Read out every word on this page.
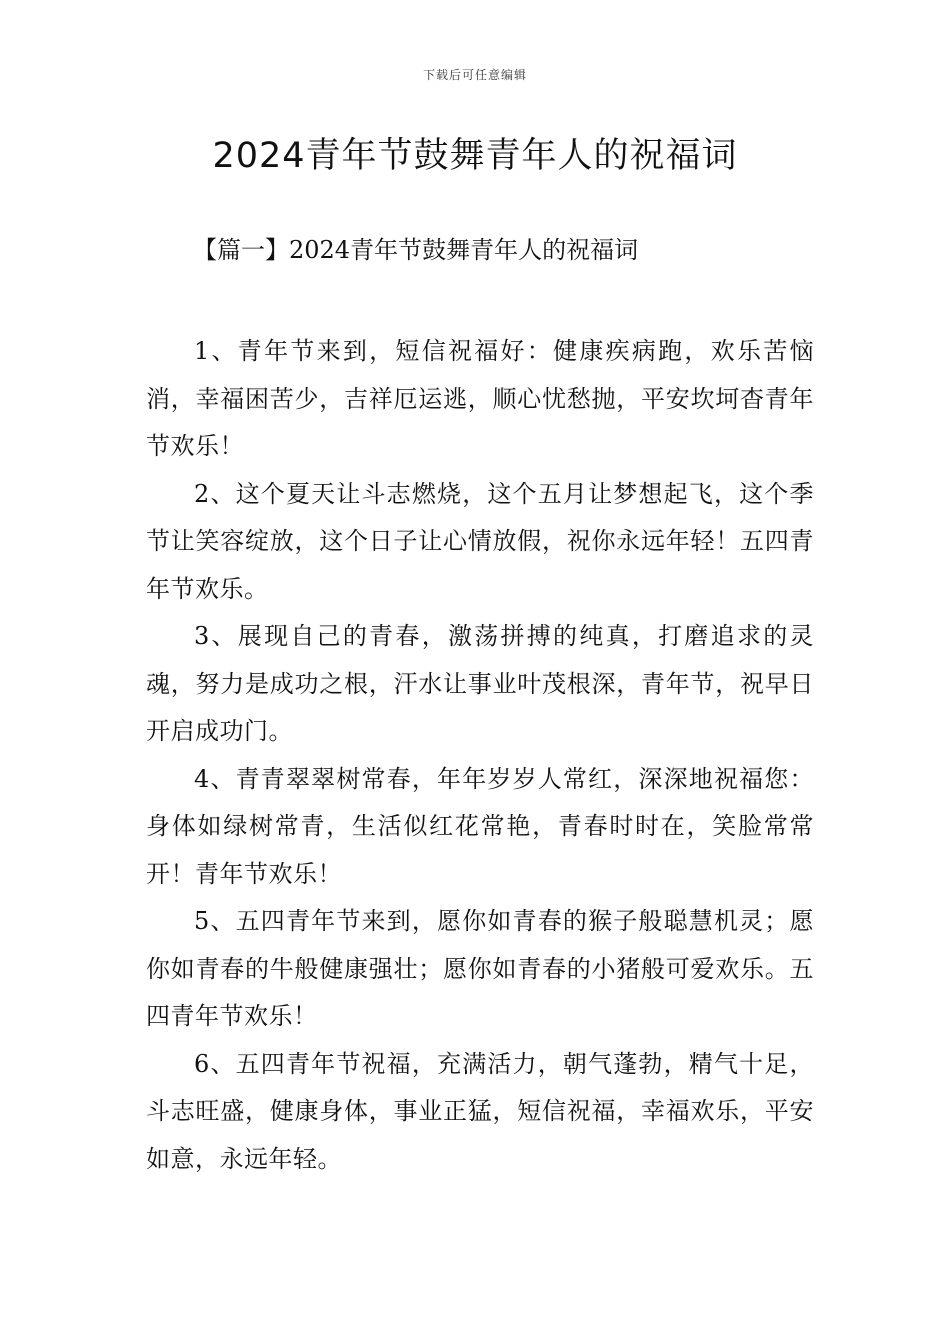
下载后可任意编辑
2024青年节鼓舞青年人的祝福词
【篇一】2024青年节鼓舞青年人的祝福词

1、青年节来到，短信祝福好：健康疾病跑，欢乐苦恼消，幸福困苦少，吉祥厄运逃，顺心忧愁抛，平安坎坷杳青年节欢乐！

2、这个夏天让斗志燃烧，这个五月让梦想起飞，这个季节让笑容绽放，这个日子让心情放假，祝你永远年轻！五四青年节欢乐。

3、展现自己的青春，激荡拼搏的纯真，打磨追求的灵魂，努力是成功之根，汗水让事业叶茂根深，青年节，祝早日开启成功门。

4、青青翠翠树常春，年年岁岁人常红，深深地祝福您：身体如绿树常青，生活似红花常艳，青春时时在，笑脸常常开！青年节欢乐！

5、五四青年节来到，愿你如青春的猴子般聪慧机灵；愿你如青春的牛般健康强壮；愿你如青春的小猪般可爱欢乐。五四青年节欢乐！

6、五四青年节祝福，充满活力，朝气蓬勃，精气十足，斗志旺盛，健康身体，事业正猛，短信祝福，幸福欢乐，平安如意，永远年轻。
